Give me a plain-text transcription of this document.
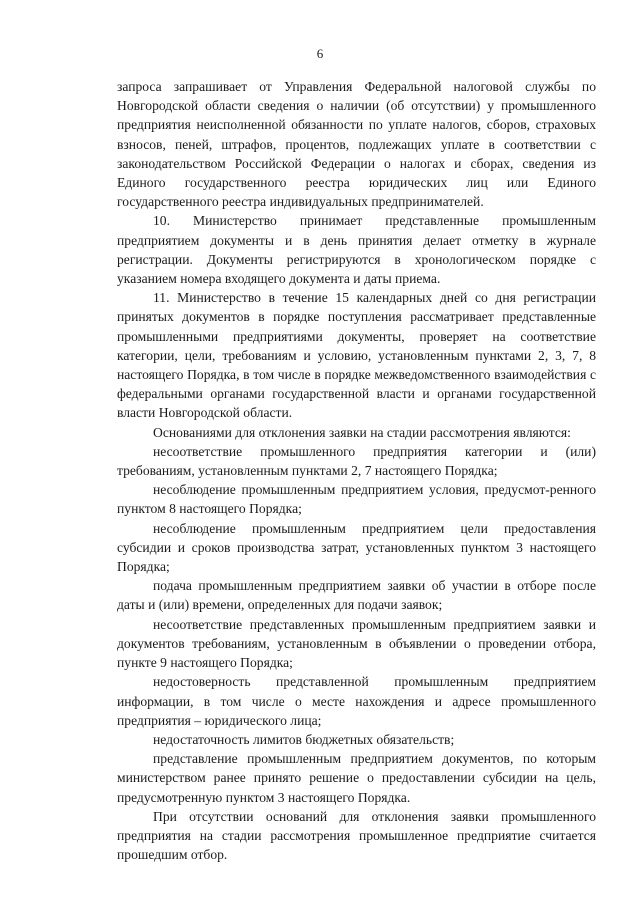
6

запроса запрашивает от Управления Федеральной налоговой службы по Новгородской области сведения о наличии (об отсутствии) у промышленного предприятия неисполненной обязанности по уплате налогов, сборов, страховых взносов, пеней, штрафов, процентов, подлежащих уплате в соответствии с законодательством Российской Федерации о налогах и сборах, сведения из Единого государственного реестра юридических лиц или Единого государственного реестра индивидуальных предпринимателей.

10. Министерство принимает представленные промышленным предприятием документы и в день принятия делает отметку в журнале регистрации. Документы регистрируются в хронологическом порядке с указанием номера входящего документа и даты приема.

11. Министерство в течение 15 календарных дней со дня регистрации принятых документов в порядке поступления рассматривает представленные промышленными предприятиями документы, проверяет на соответствие категории, цели, требованиям и условию, установленным пунктами 2, 3, 7, 8 настоящего Порядка, в том числе в порядке межведомственного взаимодействия с федеральными органами государственной власти и органами государственной власти Новгородской области.

Основаниями для отклонения заявки на стадии рассмотрения являются:

несоответствие промышленного предприятия категории и (или) требованиям, установленным пунктами 2, 7 настоящего Порядка;

несоблюдение промышленным предприятием условия, предусмот-ренного пунктом 8 настоящего Порядка;

несоблюдение промышленным предприятием цели предоставления субсидии и сроков производства затрат, установленных пунктом 3 настоящего Порядка;

подача промышленным предприятием заявки об участии в отборе после даты и (или) времени, определенных для подачи заявок;

несоответствие представленных промышленным предприятием заявки и документов требованиям, установленным в объявлении о проведении отбора, пункте 9 настоящего Порядка;

недостоверность представленной промышленным предприятием информации, в том числе о месте нахождения и адресе промышленного предприятия – юридического лица;

недостаточность лимитов бюджетных обязательств;

представление промышленным предприятием документов, по которым министерством ранее принято решение о предоставлении субсидии на цель, предусмотренную пунктом 3 настоящего Порядка.

При отсутствии оснований для отклонения заявки промышленного предприятия на стадии рассмотрения промышленное предприятие считается прошедшим отбор.
